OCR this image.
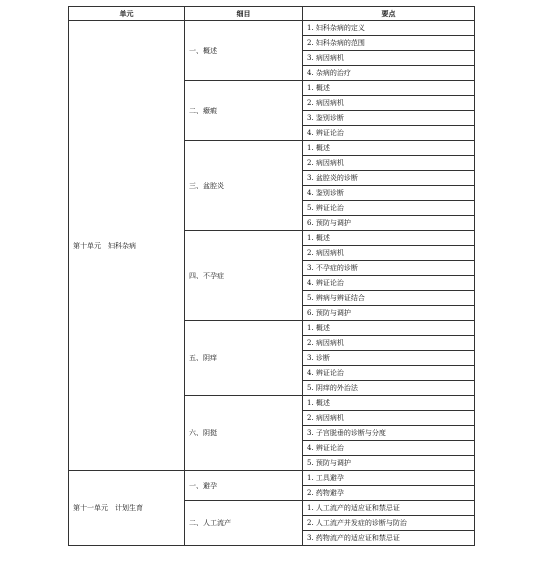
单元	细目	要点
第十单元　妇科杂病	一、概述	1. 妇科杂病的定义
		2. 妇科杂病的范围
		3. 病因病机
		4. 杂病的治疗
	二、癥瘕	1. 概述
		2. 病因病机
		3. 鉴别诊断
		4. 辨证论治
	三、盆腔炎	1. 概述
		2. 病因病机
		3. 盆腔炎的诊断
		4. 鉴别诊断
		5. 辨证论治
		6. 预防与调护
	四、不孕症	1. 概述
		2. 病因病机
		3. 不孕症的诊断
		4. 辨证论治
		5. 辨病与辨证结合
		6. 预防与调护
	五、阴痒	1. 概述
		2. 病因病机
		3. 诊断
		4. 辨证论治
		5. 阴痒的外治法
	六、阴挺	1. 概述
		2. 病因病机
		3. 子宫脱垂的诊断与分度
		4. 辨证论治
		5. 预防与调护
第十一单元　计划生育	一、避孕	1. 工具避孕
		2. 药物避孕
	二、人工流产	1. 人工流产的适应证和禁忌证
		2. 人工流产并发症的诊断与防治
		3. 药物流产的适应证和禁忌证
